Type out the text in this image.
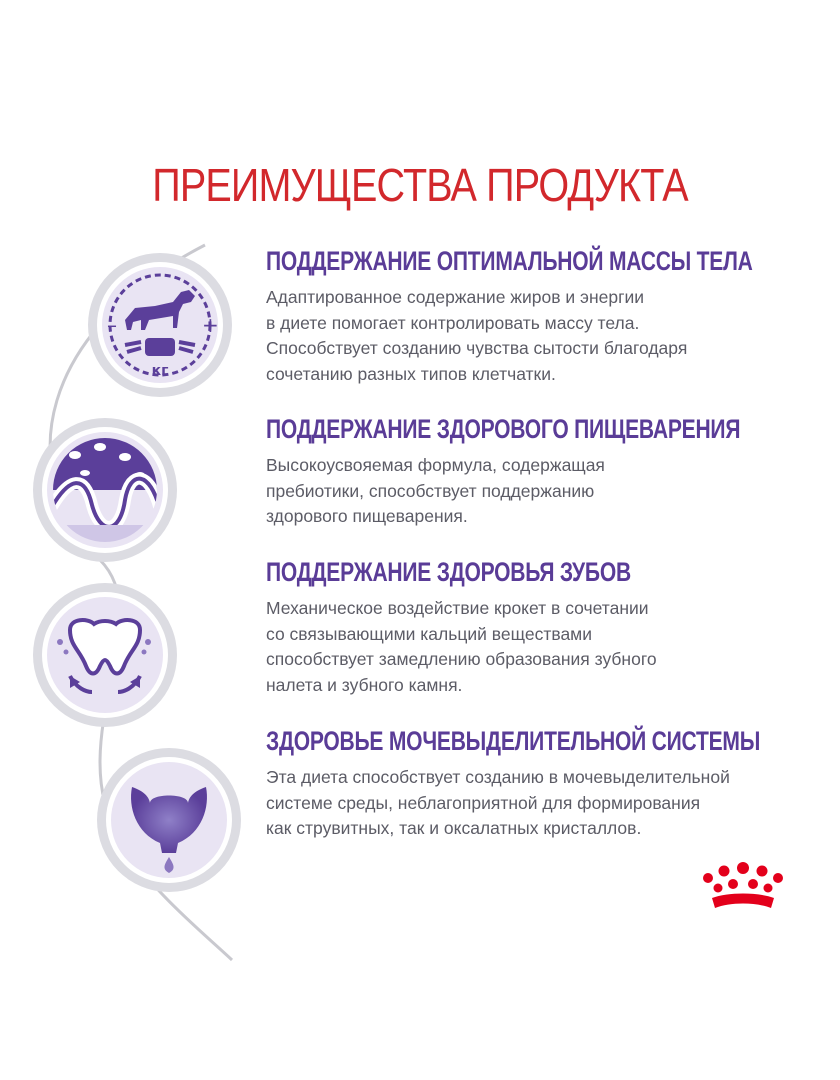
ПРЕИМУЩЕСТВА ПРОДУКТА
–	+
кг
ПОДДЕРЖАНИЕ ОПТИМАЛЬНОЙ МАССЫ ТЕЛА

Адаптированное содержание жиров и энергии
в диете помогает контролировать массу тела.
Способствует созданию чувства сытости благодаря
сочетанию разных типов клетчатки.

ПОДДЕРЖАНИЕ ЗДОРОВОГО ПИЩЕВАРЕНИЯ

Высокоусвояемая формула, содержащая
пребиотики, способствует поддержанию
здорового пищеварения.

ПОДДЕРЖАНИЕ ЗДОРОВЬЯ ЗУБОВ

Механическое воздействие крокет в сочетании
со связывающими кальций веществами
способствует замедлению образования зубного
налета и зубного камня.

ЗДОРОВЬЕ МОЧЕВЫДЕЛИТЕЛЬНОЙ СИСТЕМЫ

Эта диета способствует созданию в мочевыделительной
системе среды, неблагоприятной для формирования
как струвитных, так и оксалатных кристаллов.
